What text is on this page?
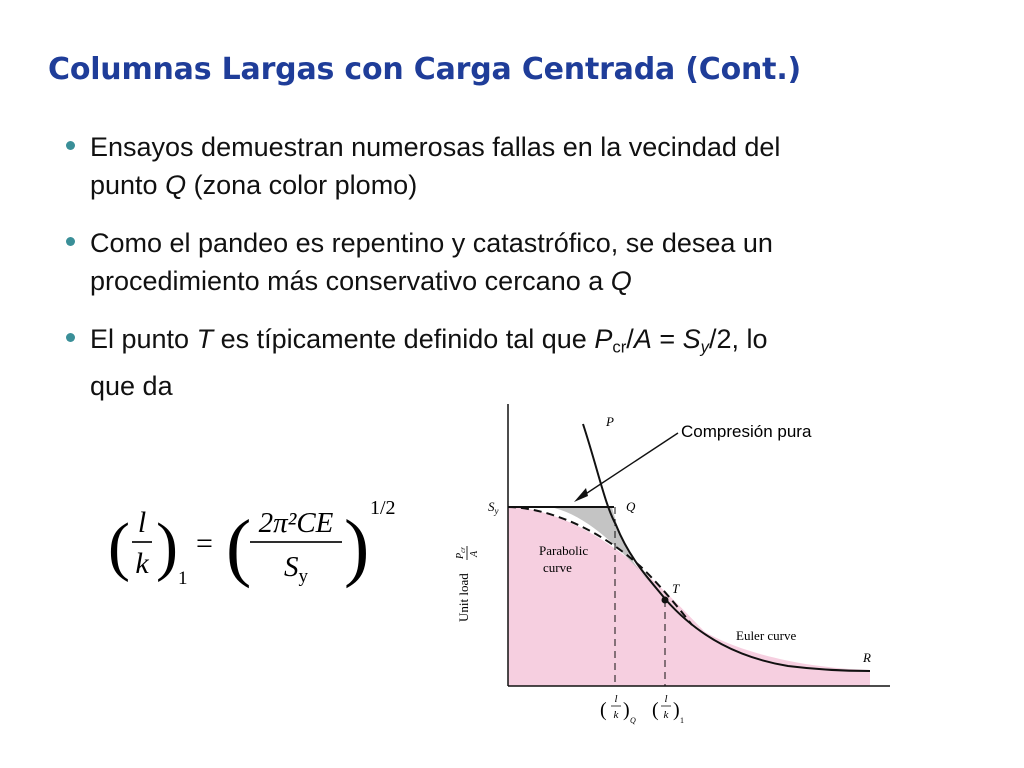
Columnas Largas con Carga Centrada (Cont.)
Ensayos demuestran numerosas fallas en la vecindad del
punto Q (zona color plomo)
Como el pandeo es repentino y catastrófico, se desea un
procedimiento más conservativo cercano a Q
El punto T es típicamente definido tal que $P_{cr}/A = S_y/2$, lo
que da
( l
k ) 1
= ( 2π²CE
$S_y$ ) 1/2
P
Compresión pura
$S_y$	Q
Parabolic
curve
T
Euler curve
R
Unit load
$P_{cr}$
A
( l
k ) Q ( l
k ) 1
